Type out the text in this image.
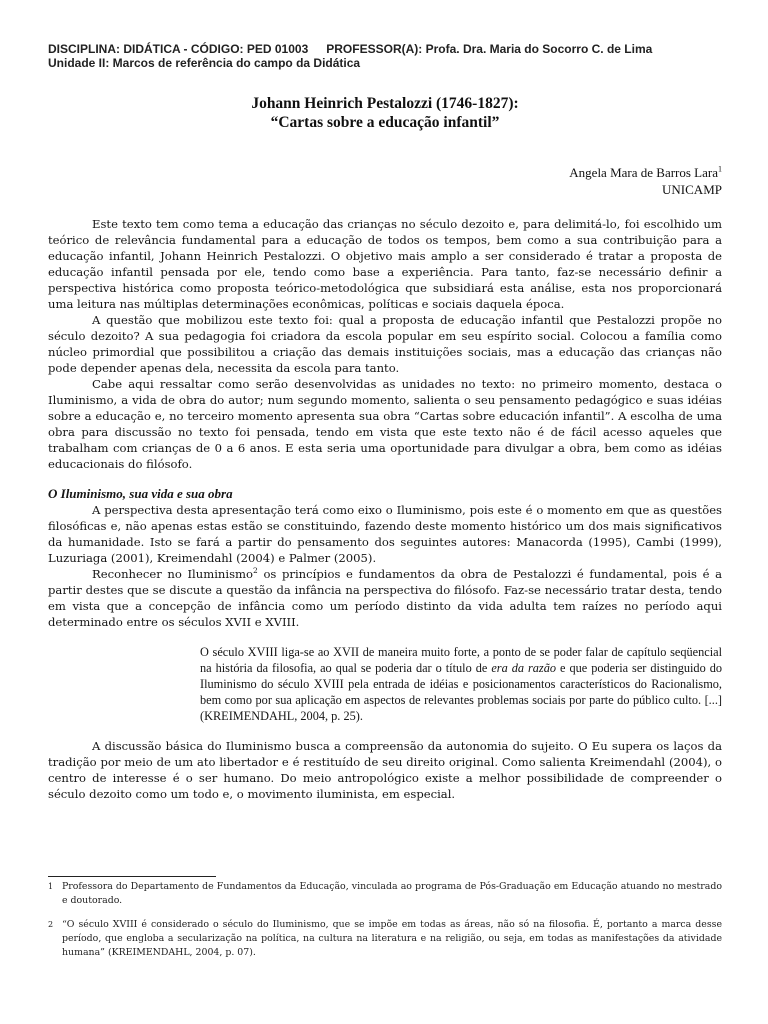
DISCIPLINA: DIDÁTICA - CÓDIGO: PED 01003 PROFESSOR(A): Profa. Dra. Maria do Socorro C. de Lima
Unidade II: Marcos de referência do campo da Didática
Johann Heinrich Pestalozzi (1746-1827):
“Cartas sobre a educação infantil”
Angela Mara de Barros Lara$^1$
UNICAMP

Este texto tem como tema a educação das crianças no século dezoito e, para delimitá-lo, foi escolhido um teórico de relevância fundamental para a educação de todos os tempos, bem como a sua contribuição para a educação infantil, Johann Heinrich Pestalozzi. O objetivo mais amplo a ser considerado é tratar a proposta de educação infantil pensada por ele, tendo como base a experiência. Para tanto, faz-se necessário definir a perspectiva histórica como proposta teórico-metodológica que subsidiará esta análise, esta nos proporcionará uma leitura nas múltiplas determinações econômicas, políticas e sociais daquela época.

A questão que mobilizou este texto foi: qual a proposta de educação infantil que Pestalozzi propõe no século dezoito? A sua pedagogia foi criadora da escola popular em seu espírito social. Colocou a família como núcleo primordial que possibilitou a criação das demais instituições sociais, mas a educação das crianças não pode depender apenas dela, necessita da escola para tanto.

Cabe aqui ressaltar como serão desenvolvidas as unidades no texto: no primeiro momento, destaca o Iluminismo, a vida de obra do autor; num segundo momento, salienta o seu pensamento pedagógico e suas idéias sobre a educação e, no terceiro momento apresenta sua obra “Cartas sobre educación infantil”. A escolha de uma obra para discussão no texto foi pensada, tendo em vista que este texto não é de fácil acesso aqueles que trabalham com crianças de 0 a 6 anos. E esta seria uma oportunidade para divulgar a obra, bem como as idéias educacionais do filósofo.

O Iluminismo, sua vida e sua obra

A perspectiva desta apresentação terá como eixo o Iluminismo, pois este é o momento em que as questões filosóficas e, não apenas estas estão se constituindo, fazendo deste momento histórico um dos mais significativos da humanidade. Isto se fará a partir do pensamento dos seguintes autores: Manacorda (1995), Cambi (1999), Luzuriaga (2001), Kreimendahl (2004) e Palmer (2005).

Reconhecer no Iluminismo$^2$ os princípios e fundamentos da obra de Pestalozzi é fundamental, pois é a partir destes que se discute a questão da infância na perspectiva do filósofo. Faz-se necessário tratar desta, tendo em vista que a concepção de infância como um período distinto da vida adulta tem raízes no período aqui determinado entre os séculos XVII e XVIII.

O século XVIII liga-se ao XVII de maneira muito forte, a ponto de se poder falar de capítulo seqüencial na história da filosofia, ao qual se poderia dar o título de era da razão e que poderia ser distinguido do Iluminismo do século XVIII pela entrada de idéias e posicionamentos característicos do Racionalismo, bem como por sua aplicação em aspectos de relevantes problemas sociais por parte do público culto. [...] (KREIMENDAHL, 2004, p. 25).

A discussão básica do Iluminismo busca a compreensão da autonomia do sujeito. O Eu supera os laços da tradição por meio de um ato libertador e é restituído de seu direito original. Como salienta Kreimendahl (2004), o centro de interesse é o ser humano. Do meio antropológico existe a melhor possibilidade de compreender o século dezoito como um todo e, o movimento iluminista, em especial.

1 Professora do Departamento de Fundamentos da Educação, vinculada ao programa de Pós-Graduação em Educação atuando no mestrado e doutorado.
2 “O século XVIII é considerado o século do Iluminismo, que se impõe em todas as áreas, não só na filosofia. É, portanto a marca desse período, que engloba a secularização na política, na cultura na literatura e na religião, ou seja, em todas as manifestações da atividade humana” (KREIMENDAHL, 2004, p. 07).
